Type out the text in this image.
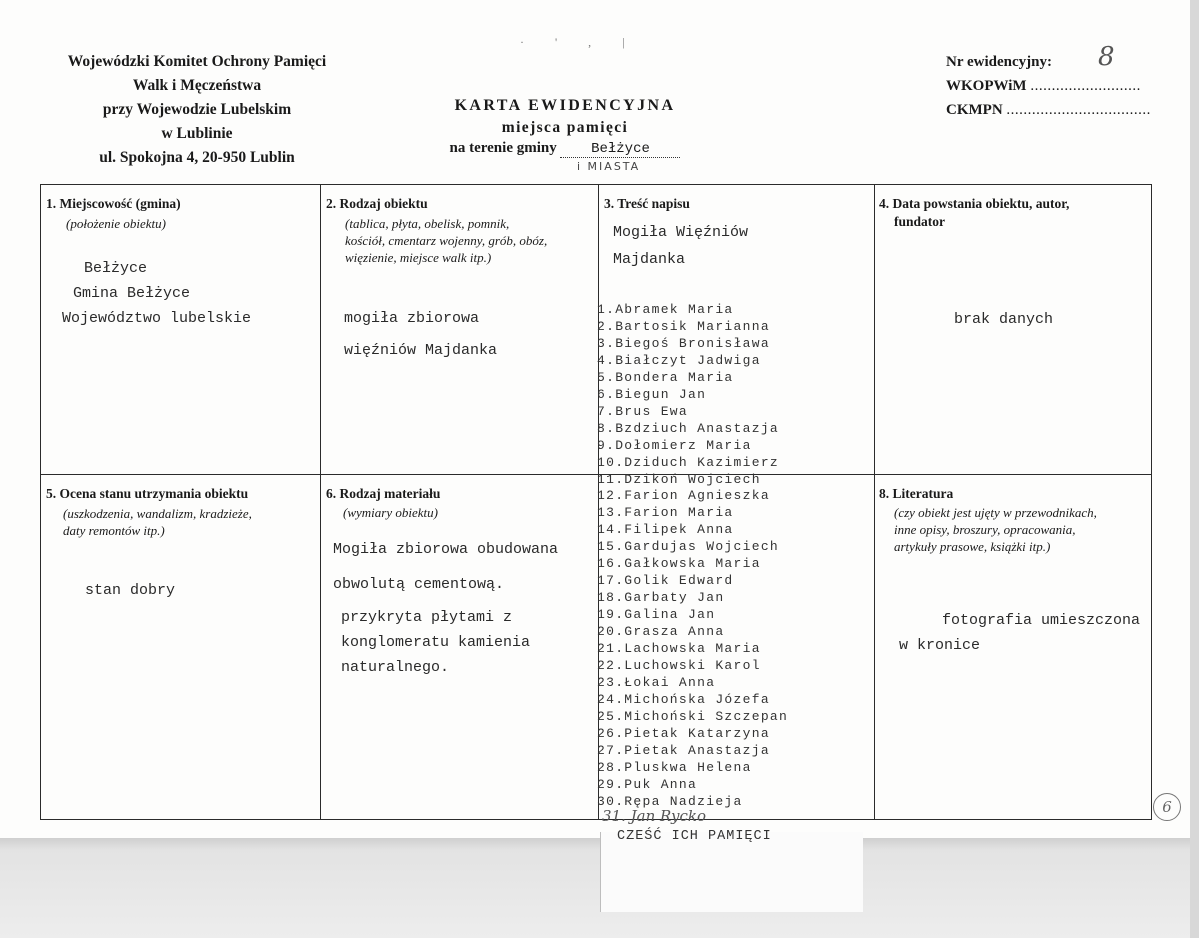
· ' , |
Wojewódzki Komitet Ochrony Pamięci
Walk i Męczeństwa
przy Wojewodzie Lubelskim
w Lublinie
ul. Spokojna 4, 20-950 Lublin
KARTA EWIDENCYJNA
miejsca pamięci
na terenie gminy Bełżyce
i MIASTA
Nr ewidencyjny:
WKOPWiM ..........................
CKMPN ..................................
8
1. Miejscowość (gmina)
(położenie obiektu)
Bełżyce
Gmina Bełżyce
Województwo lubelskie
2. Rodzaj obiektu
(tablica, płyta, obelisk, pomnik,
kościół, cmentarz wojenny, grób, obóz,
więzienie, miejsce walk itp.)
mogiła zbiorowa
więźniów Majdanka
3. Treść napisu
Mogiła Więźniów
Majdanka
4. Data powstania obiektu, autor,
fundator
brak danych
5. Ocena stanu utrzymania obiektu
(uszkodzenia, wandalizm, kradzieże,
daty remontów itp.)
stan dobry
6. Rodzaj materiału
(wymiary obiektu)
Mogiła zbiorowa obudowana
obwolutą cementową.
przykryta płytami z
konglomeratu kamienia
naturalnego.
8. Literatura
(czy obiekt jest ujęty w przewodnikach,
inne opisy, broszury, opracowania,
artykuły prasowe, książki itp.)
fotografia umieszczona
w kronice
1.Abramek Maria
2.Bartosik Marianna
3.Biegoś Bronisława
4.Białczyt Jadwiga
5.Bondera Maria
6.Biegun Jan
7.Brus Ewa
8.Bzdziuch Anastazja
9.Dołomierz Maria
10.Dziduch Kazimierz
11.Dzikoń Wojciech
12.Farion Agnieszka
13.Farion Maria
14.Filipek Anna
15.Gardujas Wojciech
16.Gałkowska Maria
17.Golik Edward
18.Garbaty Jan
19.Galina Jan
20.Grasza Anna
21.Lachowska Maria
22.Luchowski Karol
23.Łokai Anna
24.Michońska Józefa
25.Michoński Szczepan
26.Pietak Katarzyna
27.Pietak Anastazja
28.Pluskwa Helena
29.Puk Anna
30.Rępa Nadzieja
31. Jan Rycko
CZEŚĆ ICH PAMIĘCI
6
